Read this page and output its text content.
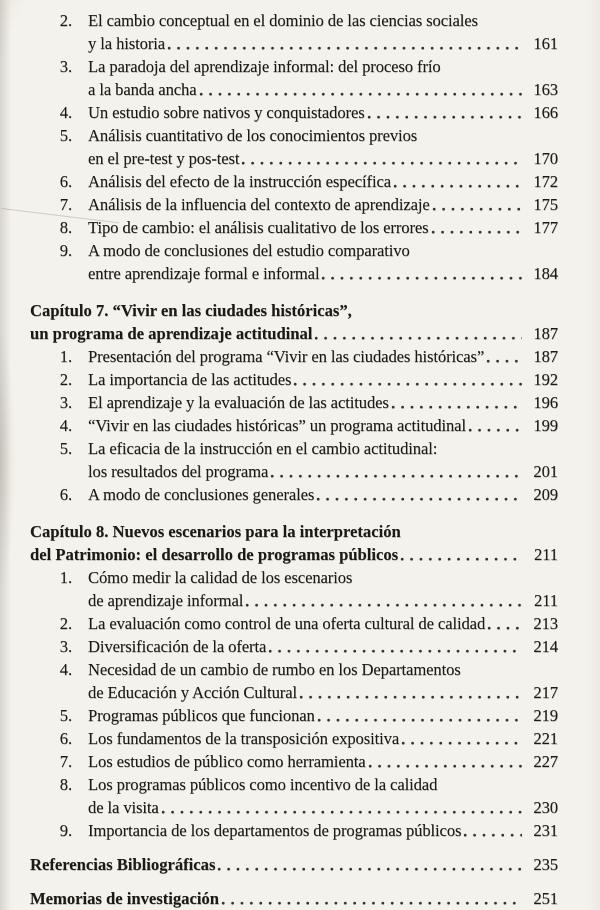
2. El cambio conceptual en el dominio de las ciencias sociales
y la historia	161
3. La paradoja del aprendizaje informal: del proceso frío
a la banda ancha	163
4. Un estudio sobre nativos y conquistadores	166
5. Análisis cuantitativo de los conocimientos previos
en el pre-test y pos-test	170
6. Análisis del efecto de la instrucción específica	172
7. Análisis de la influencia del contexto de aprendizaje	175
8. Tipo de cambio: el análisis cualitativo de los errores	177
9. A modo de conclusiones del estudio comparativo
entre aprendizaje formal e informal	184
Capítulo 7. “Vivir en las ciudades históricas”,
un programa de aprendizaje actitudinal	187
1. Presentación del programa “Vivir en las ciudades históricas”	187
2. La importancia de las actitudes	192
3. El aprendizaje y la evaluación de las actitudes	196
4. “Vivir en las ciudades históricas” un programa actitudinal	199
5. La eficacia de la instrucción en el cambio actitudinal:
los resultados del programa	201
6. A modo de conclusiones generales	209
Capítulo 8. Nuevos escenarios para la interpretación
del Patrimonio: el desarrollo de programas públicos	211
1. Cómo medir la calidad de los escenarios
de aprendizaje informal	211
2. La evaluación como control de una oferta cultural de calidad	213
3. Diversificación de la oferta	214
4. Necesidad de un cambio de rumbo en los Departamentos
de Educación y Acción Cultural	217
5. Programas públicos que funcionan	219
6. Los fundamentos de la transposición expositiva	221
7. Los estudios de público como herramienta	227
8. Los programas públicos como incentivo de la calidad
de la visita	230
9. Importancia de los departamentos de programas públicos	231
Referencias Bibliográficas	235
Memorias de investigación	251
